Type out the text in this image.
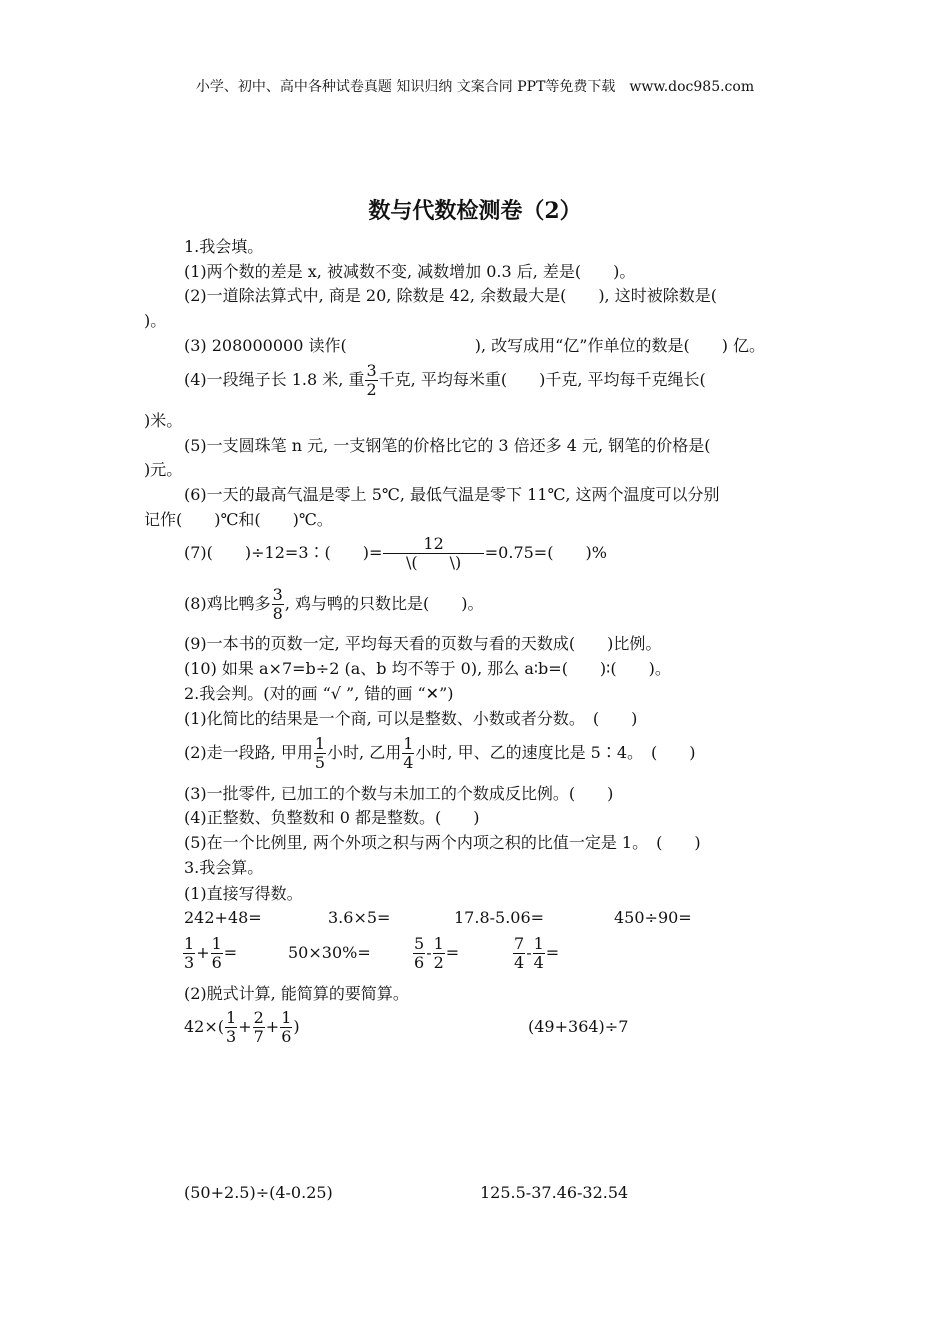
小学、初中、高中各种试卷真题 知识归纳 文案合同 PPT等免费下载　www.doc985.com
数与代数检测卷（2）
1.我会填。
(1)两个数的差是 x, 被减数不变, 减数增加 0.3 后, 差是(　　)。
(2)一道除法算式中, 商是 20, 除数是 42, 余数最大是(　　), 这时被除数是(
)。
(3) 208000000 读作(　　　　　　　　), 改写成用“亿”作单位的数是(　　) 亿。
(4)一段绳子长 1.8 米, 重 $\frac{3}{2}$ 千克, 平均每米重(　　)千克, 平均每千克绳长(
)米。
(5)一支圆珠笔 n 元, 一支钢笔的价格比它的 3 倍还多 4 元, 钢笔的价格是(
)元。
(6)一天的最高气温是零上 5℃, 最低气温是零下 11℃, 这两个温度可以分别
记作(　　)℃和(　　)℃。
(7)(　　)÷12=3∶(　　)= $\frac{12}{\backslash( \backslash)} =0.75=$(　　)%
(8)鸡比鸭多 $\frac{3}{8}$ , 鸡与鸭的只数比是(　　)。
(9)一本书的页数一定, 平均每天看的页数与看的天数成(　　)比例。
(10) 如果 a×7=b÷2 (a、b 均不等于 0), 那么 a∶b=(　　)∶(　　)。
2.我会判。(对的画 “√ ”, 错的画 “✕”)
(1)化简比的结果是一个商, 可以是整数、小数或者分数。　(　　)
(2)走一段路, 甲用 $\frac{1}{5}$ 小时, 乙用 $\frac{1}{4}$ 小时, 甲、乙的速度比是 5∶4。　(　　)
(3)一批零件, 已加工的个数与未加工的个数成反比例。(　　)
(4)正整数、负整数和 0 都是整数。(　　)
(5)在一个比例里, 两个外项之积与两个内项之积的比值一定是 1。　(　　)
3.我会算。
(1)直接写得数。
242+48=	3.6×5=	17.8-5.06=	450÷90=
$\frac{1}{3} + \frac{1}{6}$ =	50×30%=	$\frac{5}{6} - \frac{1}{2}$ =	$\frac{7}{4} - \frac{1}{4}$ =
(2)脱式计算, 能简算的要简算。
$42\times( \frac{1}{3} + \frac{2}{7} + \frac{1}{6}$ )	(49+364)÷7
(50+2.5)÷(4-0.25)	125.5-37.46-32.54
